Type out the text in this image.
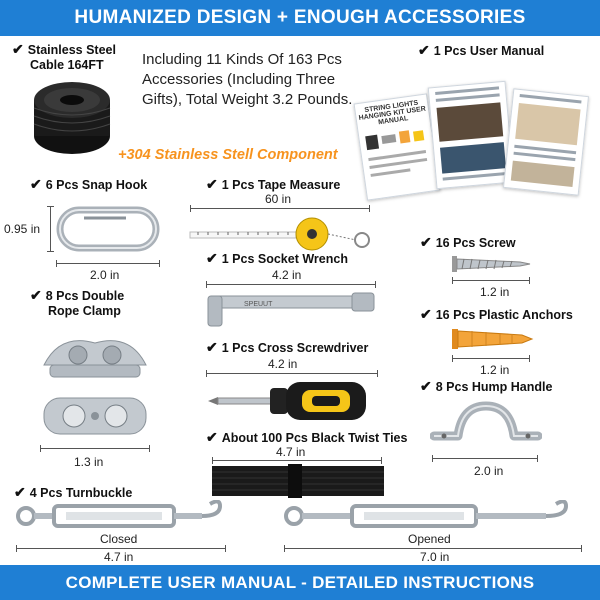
HUMANIZED DESIGN + ENOUGH ACCESSORIES
✔ Stainless Steel
Cable 164FT	Including 11 Kinds Of 163 Pcs Accessories (Including Three Gifts), Total Weight 3.2 Pounds.
+304 Stainless Stell Component
✔ 1 Pcs User Manual
STRING LIGHTS HANGING KIT USER MANUAL
✔ 6 Pcs Snap Hook
0.95 in
2.0 in
✔ 1 Pcs Tape Measure
60 in
✔ 16 Pcs Screw
1.2 in
✔ 1 Pcs Socket Wrench
4.2 in
SPEUUT
✔ 16 Pcs Plastic Anchors
1.2 in
✔ 8 Pcs Double
Rope Clamp
1.3 in
✔ 1 Pcs Cross Screwdriver
4.2 in
✔ 8 Pcs Hump Handle
2.0 in
✔ About 100 Pcs Black Twist Ties
4.7 in
✔ 4 Pcs Turnbuckle
Closed
4.7 in
Opened
7.0 in
COMPLETE USER MANUAL - DETAILED INSTRUCTIONS
